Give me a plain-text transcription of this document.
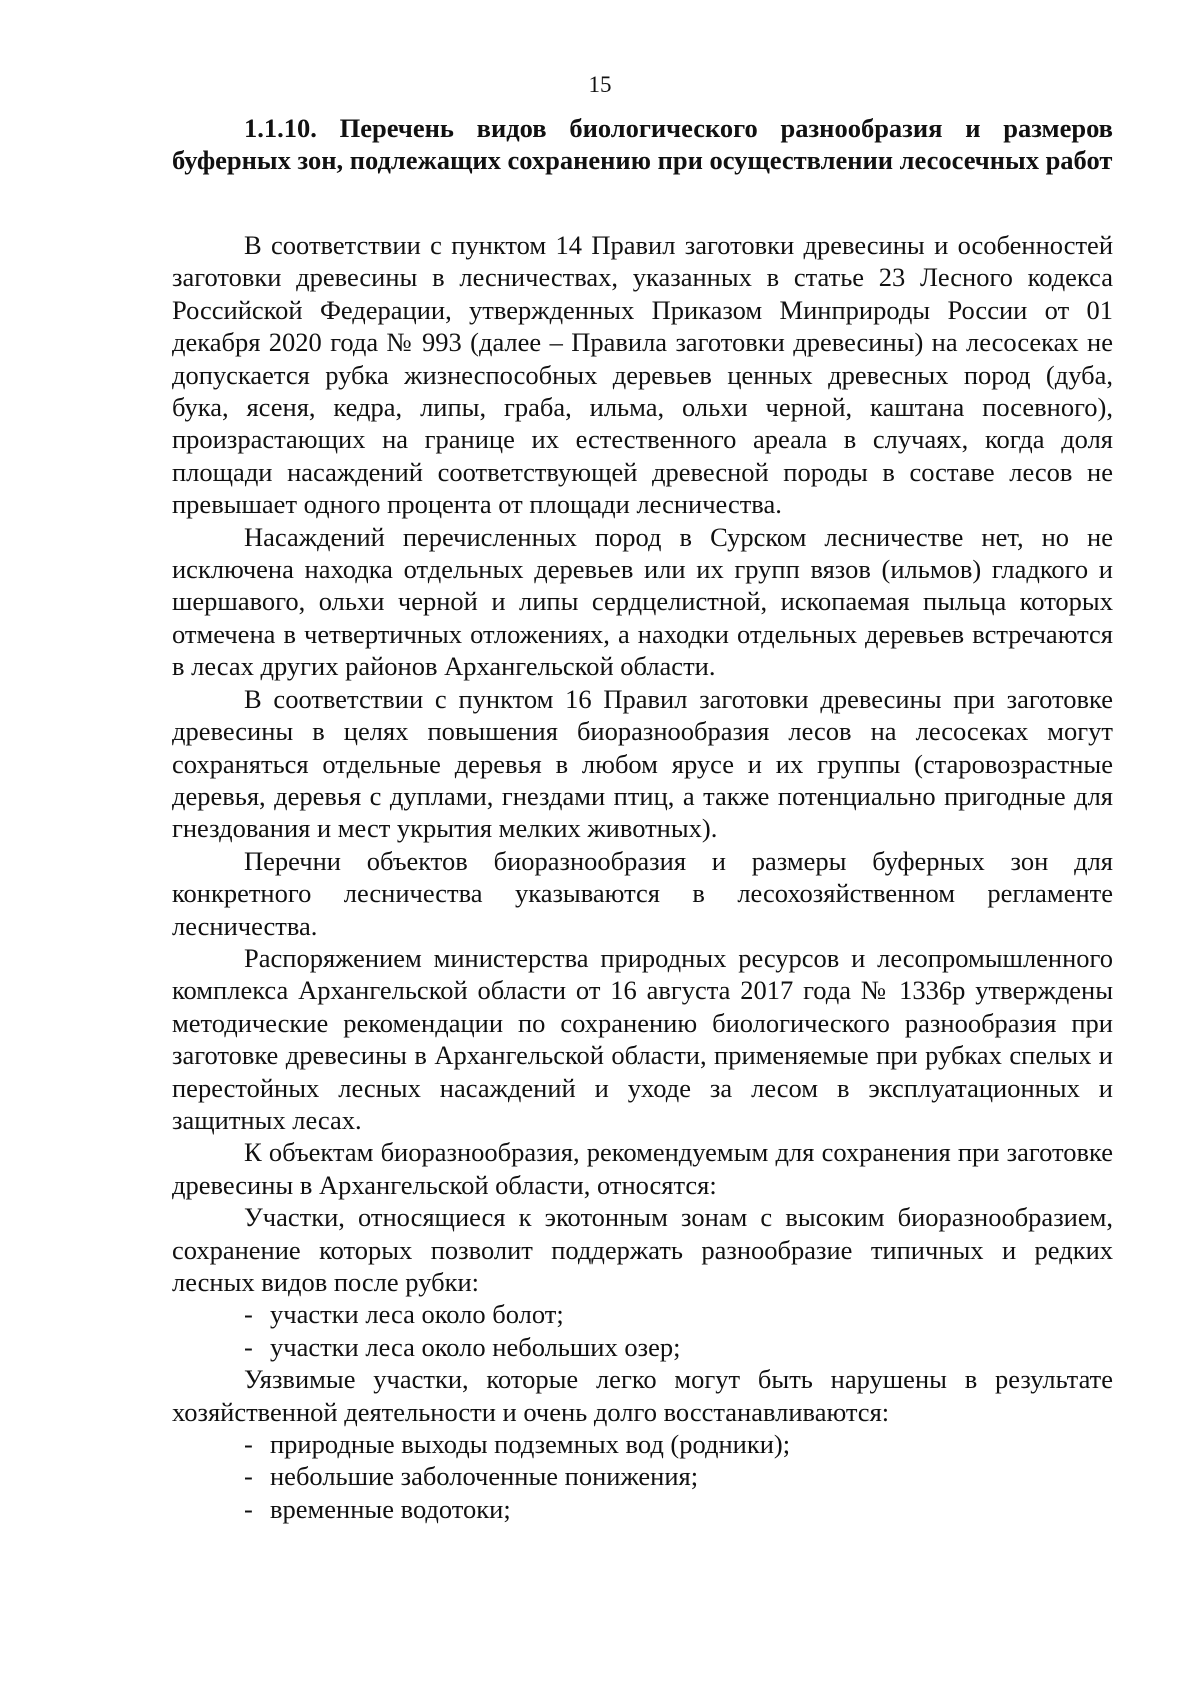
15
1.1.10. Перечень видов биологического разнообразия и размеров буферных зон, подлежащих сохранению при осуществлении лесосечных работ

В соответствии с пунктом 14 Правил заготовки древесины и особенностей заготовки древесины в лесничествах, указанных в статье 23 Лесного кодекса Российской Федерации, утвержденных Приказом Минприроды России от 01 декабря 2020 года № 993 (далее – Правила заготовки древесины) на лесосеках не допускается рубка жизнеспособных деревьев ценных древесных пород (дуба, бука, ясеня, кедра, липы, граба, ильма, ольхи черной, каштана посевного), произрастающих на границе их естественного ареала в случаях, когда доля площади насаждений соответствующей древесной породы в составе лесов не превышает одного процента от площади лесничества.

Насаждений перечисленных пород в Сурском лесничестве нет, но не исключена находка отдельных деревьев или их групп вязов (ильмов) гладкого и шершавого, ольхи черной и липы сердцелистной, ископаемая пыльца которых отмечена в четвертичных отложениях, а находки отдельных деревьев встречаются в лесах других районов Архангельской области.

В соответствии с пунктом 16 Правил заготовки древесины при заготовке древесины в целях повышения биоразнообразия лесов на лесосеках могут сохраняться отдельные деревья в любом ярусе и их группы (старовозрастные деревья, деревья с дуплами, гнездами птиц, а также потенциально пригодные для гнездования и мест укрытия мелких животных).

Перечни объектов биоразнообразия и размеры буферных зон для конкретного лесничества указываются в лесохозяйственном регламенте лесничества.

Распоряжением министерства природных ресурсов и лесопромышленного комплекса Архангельской области от 16 августа 2017 года № 1336р утверждены методические рекомендации по сохранению биологического разнообразия при заготовке древесины в Архангельской области, применяемые при рубках спелых и перестойных лесных насаждений и уходе за лесом в эксплуатационных и защитных лесах.

К объектам биоразнообразия, рекомендуемым для сохранения при заготовке древесины в Архангельской области, относятся:

Участки, относящиеся к экотонным зонам с высоким биоразнообразием, сохранение которых позволит поддержать разнообразие типичных и редких лесных видов после рубки:

- участки леса около болот;
- участки леса около небольших озер;

Уязвимые участки, которые легко могут быть нарушены в результате хозяйственной деятельности и очень долго восстанавливаются:

- природные выходы подземных вод (родники);
- небольшие заболоченные понижения;
- временные водотоки;
